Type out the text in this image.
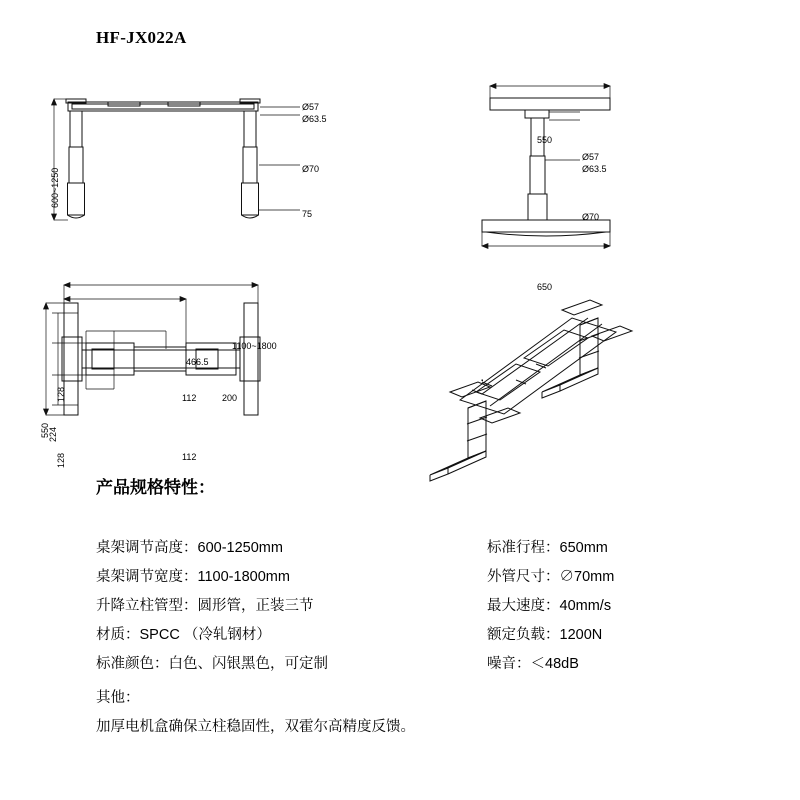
HF-JX022A
600~1250
Ø57
Ø63.5
Ø70
75
550
Ø57
Ø63.5
Ø70
650
1100~1800
466.5
550
128
224
128
112	200
112
产品规格特性：
桌架调节高度：600-1250mm
桌架调节宽度：1100-1800mm
升降立柱管型：圆形管，正装三节
材质：SPCC （冷轧钢材）
标准颜色：白色、闪银黑色，可定制
标准行程：650mm
外管尺寸：∅70mm
最大速度：40mm/s
额定负载：1200N
噪音：＜48dB
其他：
加厚电机盒确保立柱稳固性，双霍尔高精度反馈。
